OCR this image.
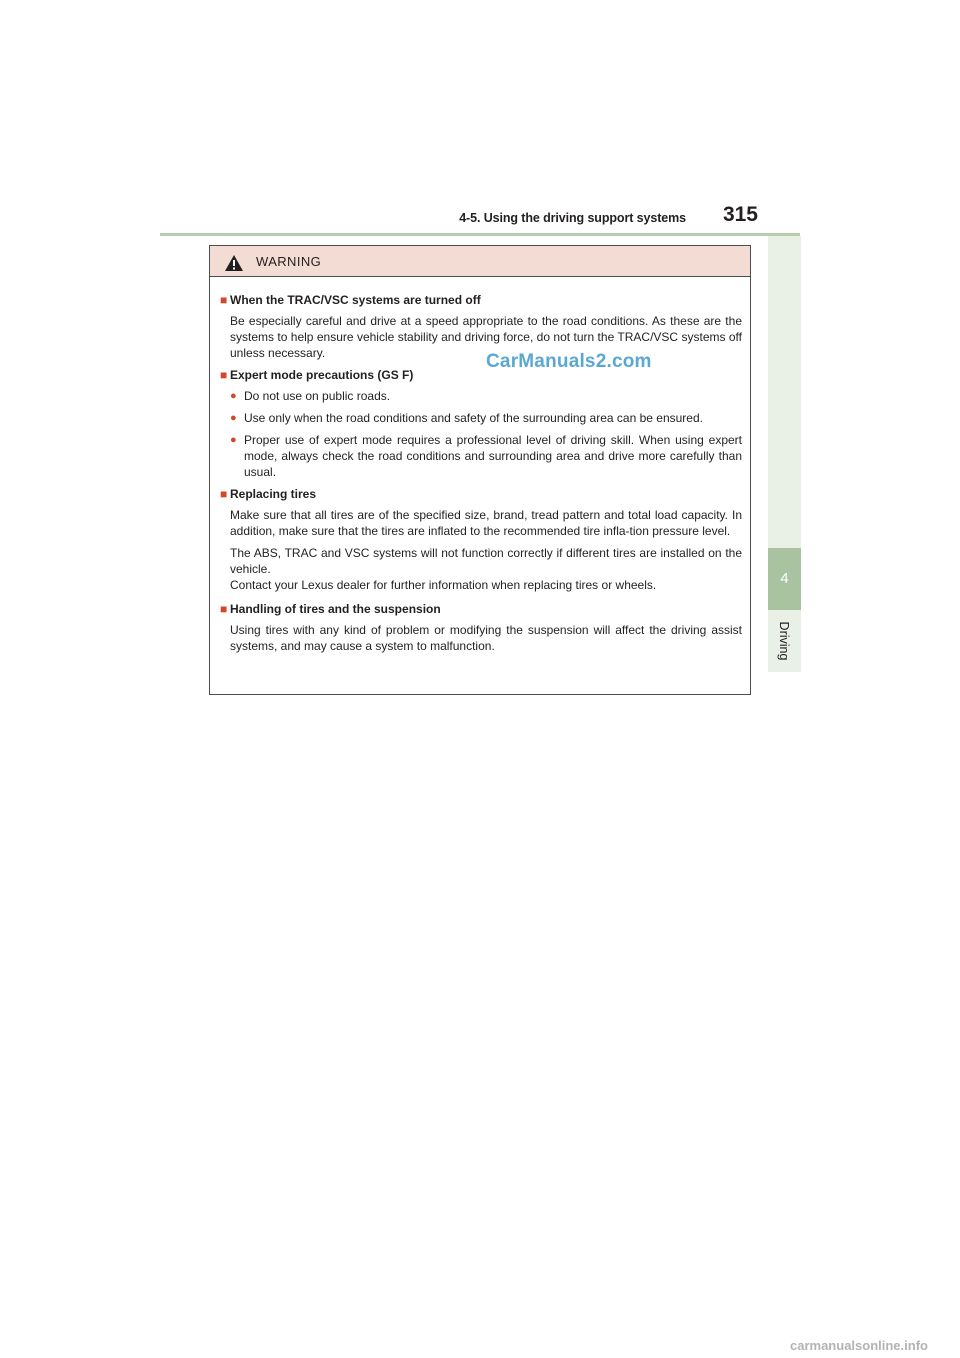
4-5. Using the driving support systems 315
4
Driving
WARNING
■ When the TRAC/VSC systems are turned off

Be especially careful and drive at a speed appropriate to the road conditions. As these are the systems to help ensure vehicle stability and driving force, do not turn the TRAC/VSC systems off unless necessary.

■ Expert mode precautions (GS F)
● Do not use on public roads.
● Use only when the road conditions and safety of the surrounding area can be ensured.
● Proper use of expert mode requires a professional level of driving skill. When using expert mode, always check the road conditions and surrounding area and drive more carefully than usual.
■ Replacing tires

Make sure that all tires are of the specified size, brand, tread pattern and total load capacity. In addition, make sure that the tires are inflated to the recommended tire infla-tion pressure level.

The ABS, TRAC and VSC systems will not function correctly if different tires are installed on the vehicle.
Contact your Lexus dealer for further information when replacing tires or wheels.

■ Handling of tires and the suspension

Using tires with any kind of problem or modifying the suspension will affect the driving assist systems, and may cause a system to malfunction.

CarManuals2.com
carmanualsonline.info
